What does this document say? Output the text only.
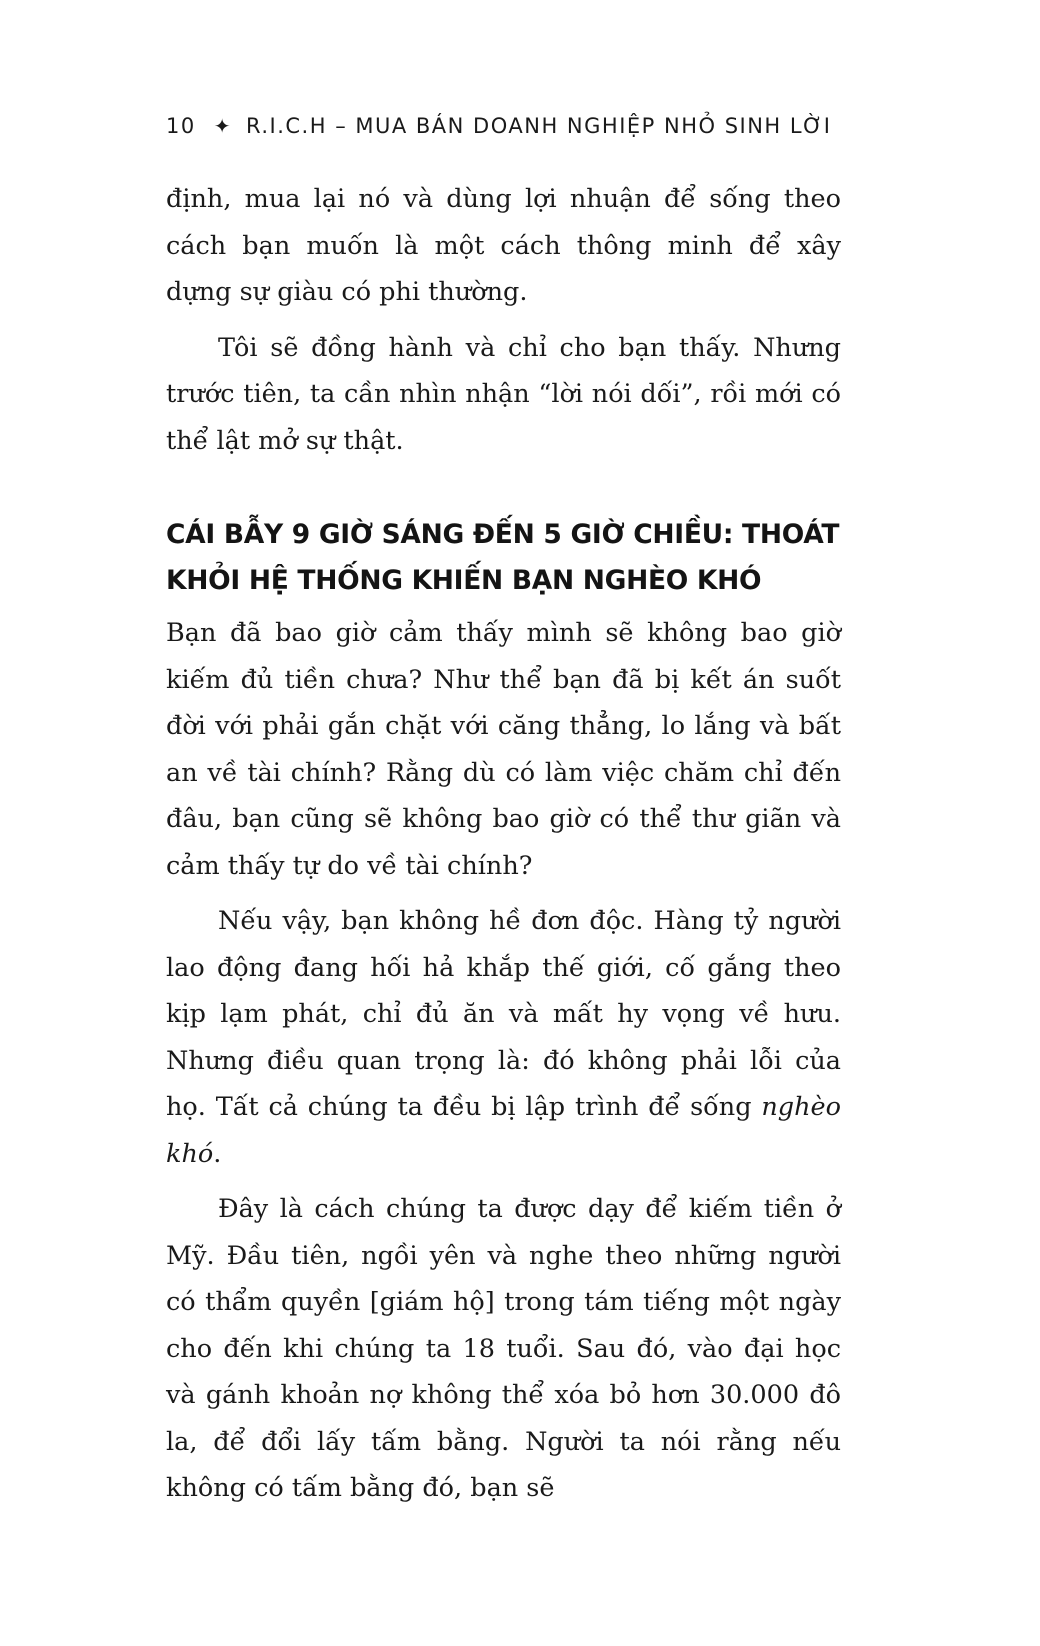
10 ✦ R.I.C.H – MUA BÁN DOANH NGHIỆP NHỎ SINH LỜI

định, mua lại nó và dùng lợi nhuận để sống theo cách bạn muốn là một cách thông minh để xây dựng sự giàu có phi thường.

Tôi sẽ đồng hành và chỉ cho bạn thấy. Nhưng trước tiên, ta cần nhìn nhận “lời nói dối”, rồi mới có thể lật mở sự thật.

CÁI BẪY 9 GIỜ SÁNG ĐẾN 5 GIỜ CHIỀU: THOÁT KHỎI HỆ THỐNG KHIẾN BẠN NGHÈO KHÓ

Bạn đã bao giờ cảm thấy mình sẽ không bao giờ kiếm đủ tiền chưa? Như thể bạn đã bị kết án suốt đời với phải gắn chặt với căng thẳng, lo lắng và bất an về tài chính? Rằng dù có làm việc chăm chỉ đến đâu, bạn cũng sẽ không bao giờ có thể thư giãn và cảm thấy tự do về tài chính?

Nếu vậy, bạn không hề đơn độc. Hàng tỷ người lao động đang hối hả khắp thế giới, cố gắng theo kịp lạm phát, chỉ đủ ăn và mất hy vọng về hưu. Nhưng điều quan trọng là: đó không phải lỗi của họ. Tất cả chúng ta đều bị lập trình để sống nghèo khó.

Đây là cách chúng ta được dạy để kiếm tiền ở Mỹ. Đầu tiên, ngồi yên và nghe theo những người có thẩm quyền [giám hộ] trong tám tiếng một ngày cho đến khi chúng ta 18 tuổi. Sau đó, vào đại học và gánh khoản nợ không thể xóa bỏ hơn 30.000 đô la, để đổi lấy tấm bằng. Người ta nói rằng nếu không có tấm bằng đó, bạn sẽ
